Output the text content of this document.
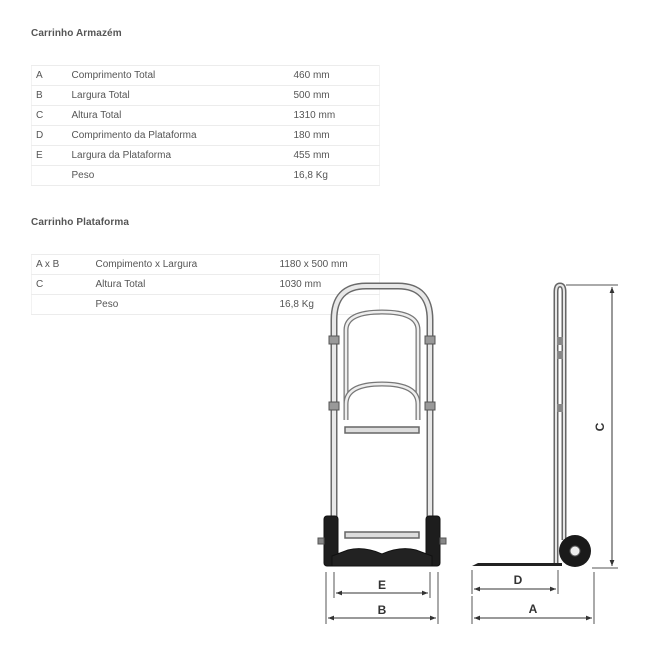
Carrinho Armazém
A	Comprimento Total	460 mm
B	Largura Total	500 mm
C	Altura Total	1310 mm
D	Comprimento da Plataforma	180 mm
E	Largura da Plataforma	455 mm
	Peso	16,8 Kg
Carrinho Plataforma
A x B	Compimento x Largura	1180 x 500 mm
C	Altura Total	1030 mm
	Peso	16,8 Kg
E
B
C
D
A
